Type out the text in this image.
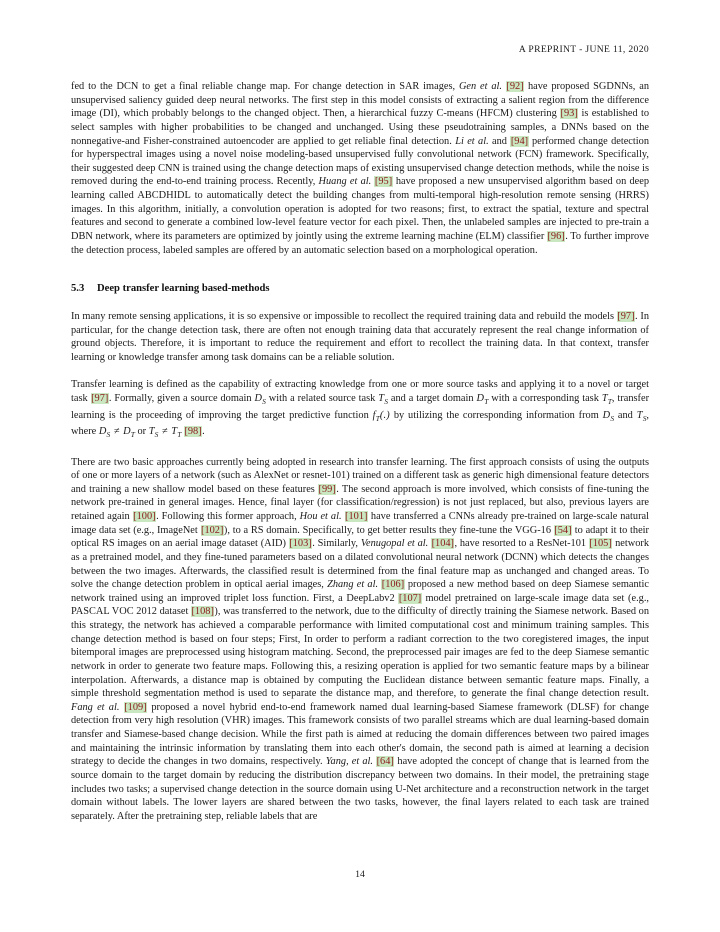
A PREPRINT - JUNE 11, 2020

fed to the DCN to get a final reliable change map. For change detection in SAR images, Gen et al. [92] have proposed SGDNNs, an unsupervised saliency guided deep neural networks. The first step in this model consists of extracting a salient region from the difference image (DI), which probably belongs to the changed object. Then, a hierarchical fuzzy C-means (HFCM) clustering [93] is established to select samples with higher probabilities to be changed and unchanged. Using these pseudotraining samples, a DNNs based on the nonnegative-and Fisher-constrained autoencoder are applied to get reliable final detection. Li et al. and [94] performed change detection for hyperspectral images using a novel noise modeling-based unsupervised fully convolutional network (FCN) framework. Specifically, their suggested deep CNN is trained using the change detection maps of existing unsupervised change detection methods, while the noise is removed during the end-to-end training process. Recently, Huang et al. [95] have proposed a new unsupervised algorithm based on deep learning called ABCDHIDL to automatically detect the building changes from multi-temporal high-resolution remote sensing (HRRS) images. In this algorithm, initially, a convolution operation is adopted for two reasons; first, to extract the spatial, texture and spectral features and second to generate a combined low-level feature vector for each pixel. Then, the unlabeled samples are injected to pre-train a DBN network, where its parameters are optimized by jointly using the extreme learning machine (ELM) classifier [96]. To further improve the detection process, labeled samples are offered by an automatic selection based on a morphological operation.

5.3 Deep transfer learning based-methods

In many remote sensing applications, it is so expensive or impossible to recollect the required training data and rebuild the models [97]. In particular, for the change detection task, there are often not enough training data that accurately represent the real change information of ground objects. Therefore, it is important to reduce the requirement and effort to recollect the training data. In that context, transfer learning or knowledge transfer among task domains can be a reliable solution.

Transfer learning is defined as the capability of extracting knowledge from one or more source tasks and applying it to a novel or target task [97]. Formally, given a source domain $D_S$ with a related source task $T_S$ and a target domain $D_T$ with a corresponding task $T_T$, transfer learning is the proceeding of improving the target predictive function $f_T(.)$ by utilizing the corresponding information from $D_S$ and $T_S$, where $D_S \ne D_T$ or $T_S \ne T_T$ [98].

There are two basic approaches currently being adopted in research into transfer learning. The first approach consists of using the outputs of one or more layers of a network (such as AlexNet or resnet-101) trained on a different task as generic high dimensional feature detectors and training a new shallow model based on these features [99]. The second approach is more involved, which consists of fine-tuning the network pre-trained in general images. Hence, final layer (for classification/regression) is not just replaced, but also, previous layers are retained again [100]. Following this former approach, Hou et al. [101] have transferred a CNNs already pre-trained on large-scale natural image data set (e.g., ImageNet [102]), to a RS domain. Specifically, to get better results they fine-tune the VGG-16 [54] to adapt it to their optical RS images on an aerial image dataset (AID) [103]. Similarly, Venugopal et al. [104], have resorted to a ResNet-101 [105] network as a pretrained model, and they fine-tuned parameters based on a dilated convolutional neural network (DCNN) which detects the changes between the two images. Afterwards, the classified result is determined from the final feature map as unchanged and changed areas. To solve the change detection problem in optical aerial images, Zhang et al. [106] proposed a new method based on deep Siamese semantic network trained using an improved triplet loss function. First, a DeepLabv2 [107] model pretrained on large-scale image data set (e.g., PASCAL VOC 2012 dataset [108]), was transferred to the network, due to the difficulty of directly training the Siamese network. Based on this strategy, the network has achieved a comparable performance with limited computational cost and minimum training samples. This change detection method is based on four steps; First, In order to perform a radiant correction to the two coregistered images, the input bitemporal images are preprocessed using histogram matching. Second, the preprocessed pair images are fed to the deep Siamese semantic network in order to generate two feature maps. Following this, a resizing operation is applied for two semantic feature maps by a bilinear interpolation. Afterwards, a distance map is obtained by computing the Euclidean distance between semantic feature maps. Finally, a simple threshold segmentation method is used to separate the distance map, and therefore, to generate the final change detection result. Fang et al. [109] proposed a novel hybrid end-to-end framework named dual learning-based Siamese framework (DLSF) for change detection from very high resolution (VHR) images. This framework consists of two parallel streams which are dual learning-based domain transfer and Siamese-based change decision. While the first path is aimed at reducing the domain differences between two paired images and maintaining the intrinsic information by translating them into each other's domain, the second path is aimed at learning a decision strategy to decide the changes in two domains, respectively. Yang, et al. [64] have adopted the concept of change that is learned from the source domain to the target domain by reducing the distribution discrepancy between two domains. In their model, the pretraining stage includes two tasks; a supervised change detection in the source domain using U-Net architecture and a reconstruction network in the target domain without labels. The lower layers are shared between the two tasks, however, the final layers related to each task are trained separately. After the pretraining step, reliable labels that are

14
